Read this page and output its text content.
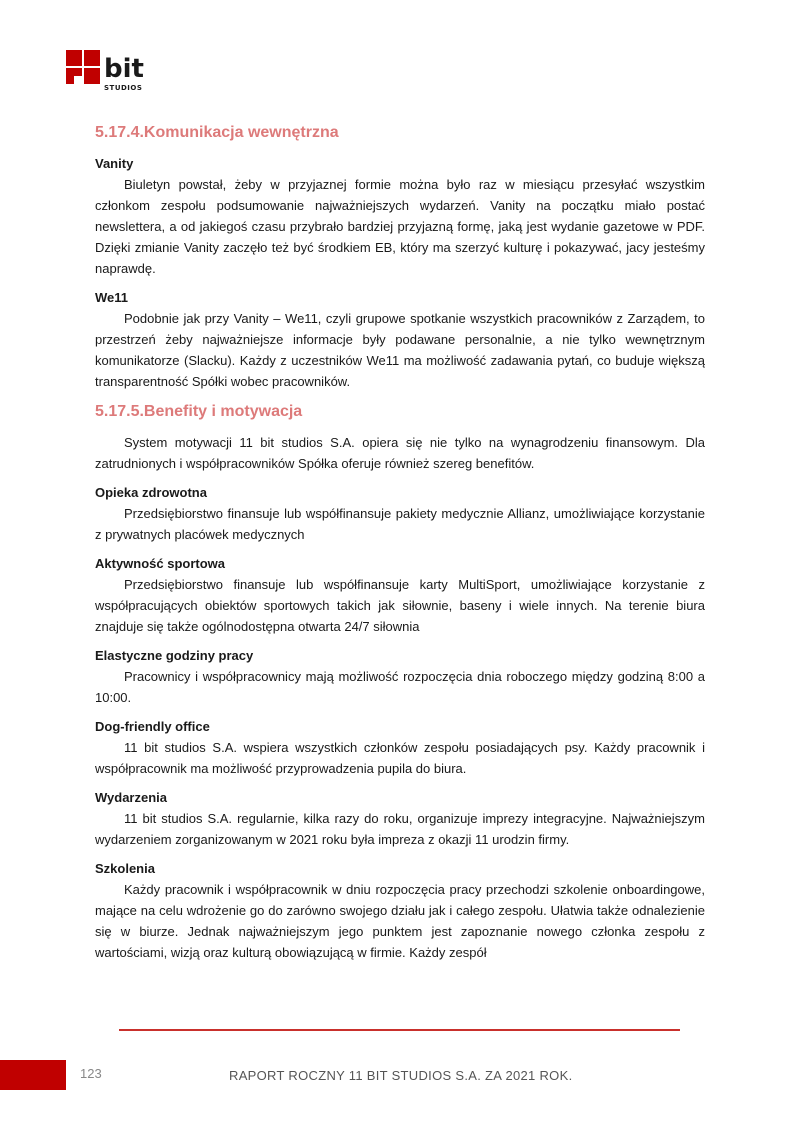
bit
STUDIOS
5.17.4.Komunikacja wewnętrzna

Vanity

Biuletyn powstał, żeby w przyjaznej formie można było raz w miesiącu przesyłać wszystkim członkom zespołu podsumowanie najważniejszych wydarzeń. Vanity na początku miało postać newslettera, a od jakiegoś czasu przybrało bardziej przyjazną formę, jaką jest wydanie gazetowe w PDF. Dzięki zmianie Vanity zaczęło też być środkiem EB, który ma szerzyć kulturę i pokazywać, jacy jesteśmy naprawdę.

We11

Podobnie jak przy Vanity – We11, czyli grupowe spotkanie wszystkich pracowników z Zarządem, to przestrzeń żeby najważniejsze informacje były podawane personalnie, a nie tylko wewnętrznym komunikatorze (Slacku). Każdy z uczestników We11 ma możliwość zadawania pytań, co buduje większą transparentność Spółki wobec pracowników.

5.17.5.Benefity i motywacja

System motywacji 11 bit studios S.A. opiera się nie tylko na wynagrodzeniu finansowym. Dla zatrudnionych i współpracowników Spółka oferuje również szereg benefitów.

Opieka zdrowotna

Przedsiębiorstwo finansuje lub współfinansuje pakiety medycznie Allianz, umożliwiające korzystanie z prywatnych placówek medycznych

Aktywność sportowa

Przedsiębiorstwo finansuje lub współfinansuje karty MultiSport, umożliwiające korzystanie z współpracujących obiektów sportowych takich jak siłownie, baseny i wiele innych. Na terenie biura znajduje się także ogólnodostępna otwarta 24/7 siłownia

Elastyczne godziny pracy

Pracownicy i współpracownicy mają możliwość rozpoczęcia dnia roboczego między godziną 8:00 a 10:00.

Dog-friendly office

11 bit studios S.A. wspiera wszystkich członków zespołu posiadających psy. Każdy pracownik i współpracownik ma możliwość przyprowadzenia pupila do biura.

Wydarzenia

11 bit studios S.A. regularnie, kilka razy do roku, organizuje imprezy integracyjne. Najważniejszym wydarzeniem zorganizowanym w 2021 roku była impreza z okazji 11 urodzin firmy.

Szkolenia

Każdy pracownik i współpracownik w dniu rozpoczęcia pracy przechodzi szkolenie onboardingowe, mające na celu wdrożenie go do zarówno swojego działu jak i całego zespołu. Ułatwia także odnalezienie się w biurze. Jednak najważniejszym jego punktem jest zapoznanie nowego członka zespołu z wartościami, wizją oraz kulturą obowiązującą w firmie. Każdy zespół

123	RAPORT ROCZNY 11 BIT STUDIOS S.A. ZA 2021 ROK.
